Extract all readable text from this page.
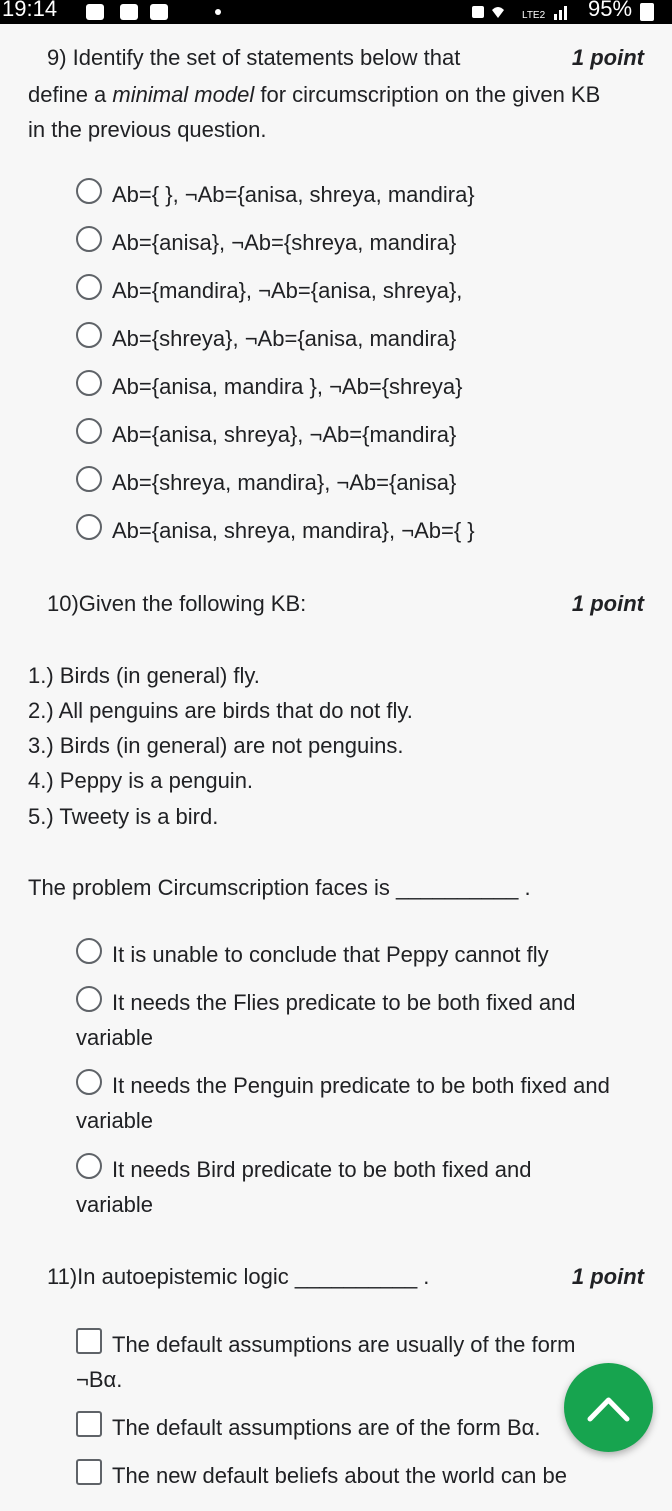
19:14	LTE2 95%
9) Identify the set of statements below that	1 point
define a minimal model for circumscription on the given KB
in the previous question.
Ab={ }, ¬Ab={anisa, shreya, mandira}
Ab={anisa}, ¬Ab={shreya, mandira}
Ab={mandira}, ¬Ab={anisa, shreya},
Ab={shreya}, ¬Ab={anisa, mandira}
Ab={anisa, mandira }, ¬Ab={shreya}
Ab={anisa, shreya}, ¬Ab={mandira}
Ab={shreya, mandira}, ¬Ab={anisa}
Ab={anisa, shreya, mandira}, ¬Ab={ }
10)Given the following KB:	1 point
1.) Birds (in general) fly.
2.) All penguins are birds that do not fly.
3.) Birds (in general) are not penguins.
4.) Peppy is a penguin.
5.) Tweety is a bird.
The problem Circumscription faces is __________ .
It is unable to conclude that Peppy cannot fly
It needs the Flies predicate to be both fixed and
variable
It needs the Penguin predicate to be both fixed and
variable
It needs Bird predicate to be both fixed and
variable
11)In autoepistemic logic __________ .	1 point
The default assumptions are usually of the form
¬Bα.
The default assumptions are of the form Bα.
The new default beliefs about the world can be
